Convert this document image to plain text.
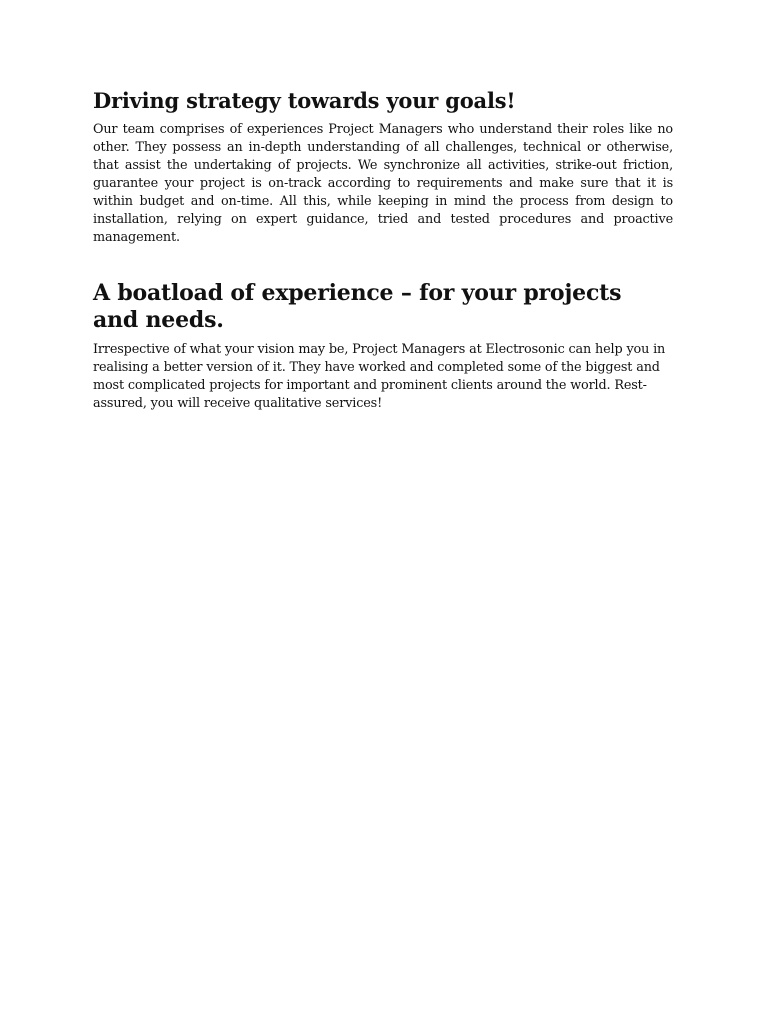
Driving strategy towards your goals!

Our team comprises of experiences Project Managers who understand their roles like no other. They possess an in-depth understanding of all challenges, technical or otherwise, that assist the undertaking of projects. We synchronize all activities, strike-out friction, guarantee your project is on-track according to requirements and make sure that it is within budget and on-time. All this, while keeping in mind the process from design to installation, relying on expert guidance, tried and tested procedures and proactive management.

A boatload of experience – for your projects and needs.

Irrespective of what your vision may be, Project Managers at Electrosonic can help you in realising a better version of it. They have worked and completed some of the biggest and most complicated projects for important and prominent clients around the world. Rest-assured, you will receive qualitative services!
